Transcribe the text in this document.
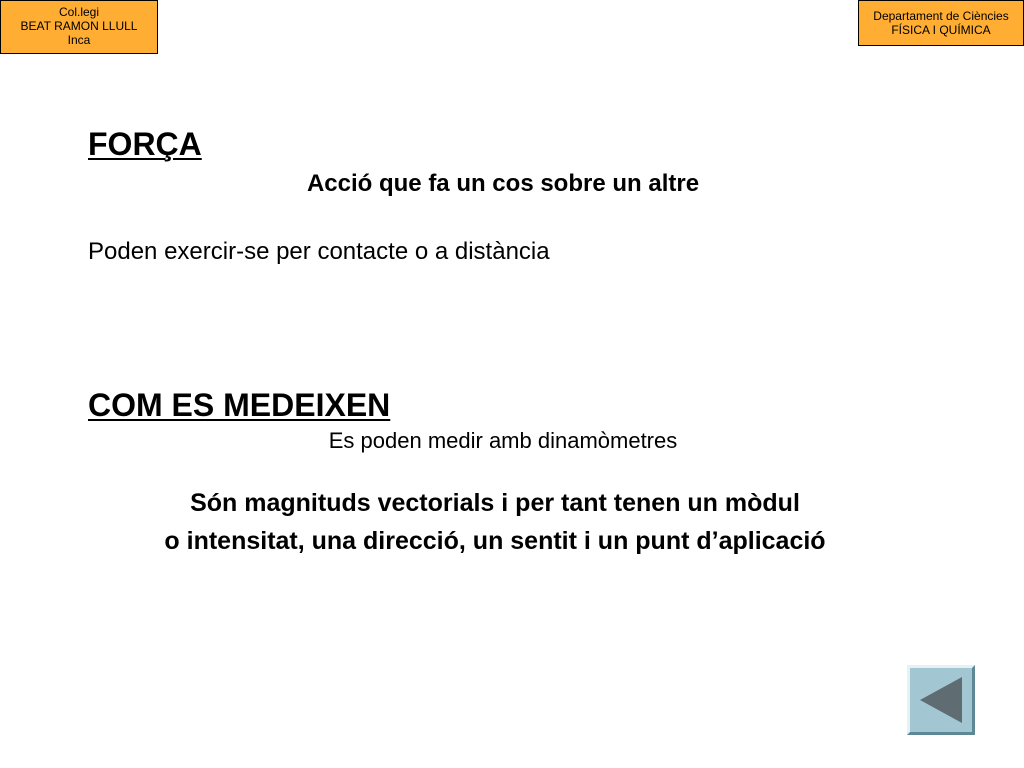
Col.legi
BEAT RAMON LLULL
Inca
Departament de Ciències
FÍSICA I QUÍMICA
FORÇA

Acció que fa un cos sobre un altre

Poden exercir-se per contacte o a distància

COM ES MEDEIXEN

Es poden medir amb dinamòmetres

Són magnituds vectorials i per tant tenen un mòdul

o intensitat, una direcció, un sentit i un punt d’aplicació
